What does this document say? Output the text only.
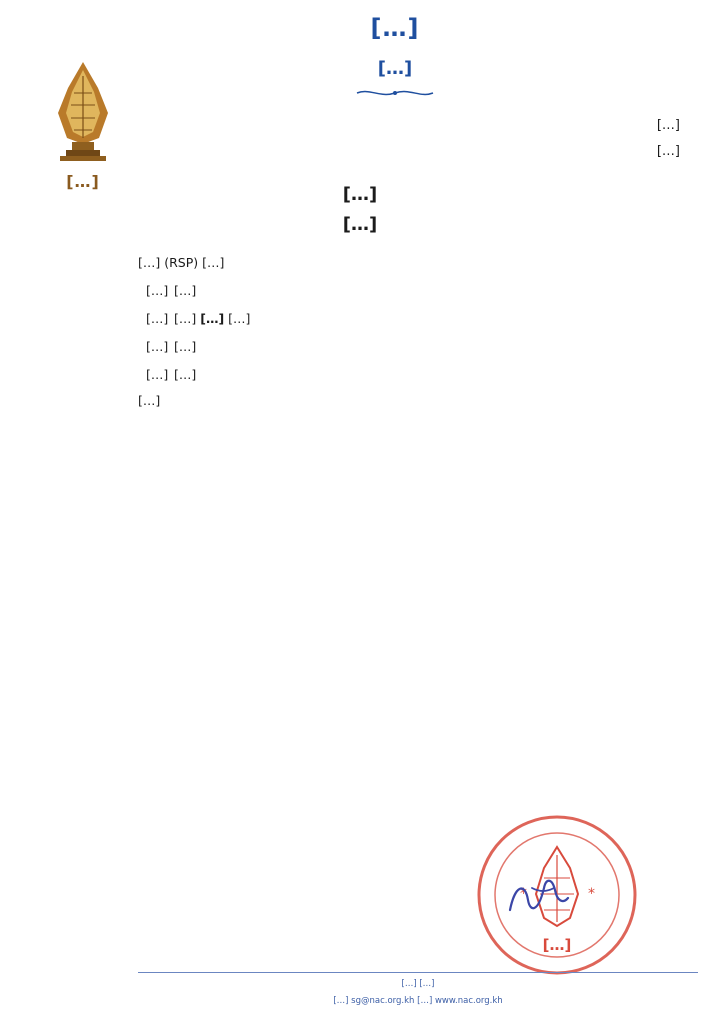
[…]
[…]
[…]
[…]
[…]
[…]
[…]

[…] (RSP) […]

[…] […]
[…] […] […] […]
[…] […]
[…] […]

[…]

*	*
[…]
[…] […]
[…] sg@nac.org.kh […] www.nac.org.kh
